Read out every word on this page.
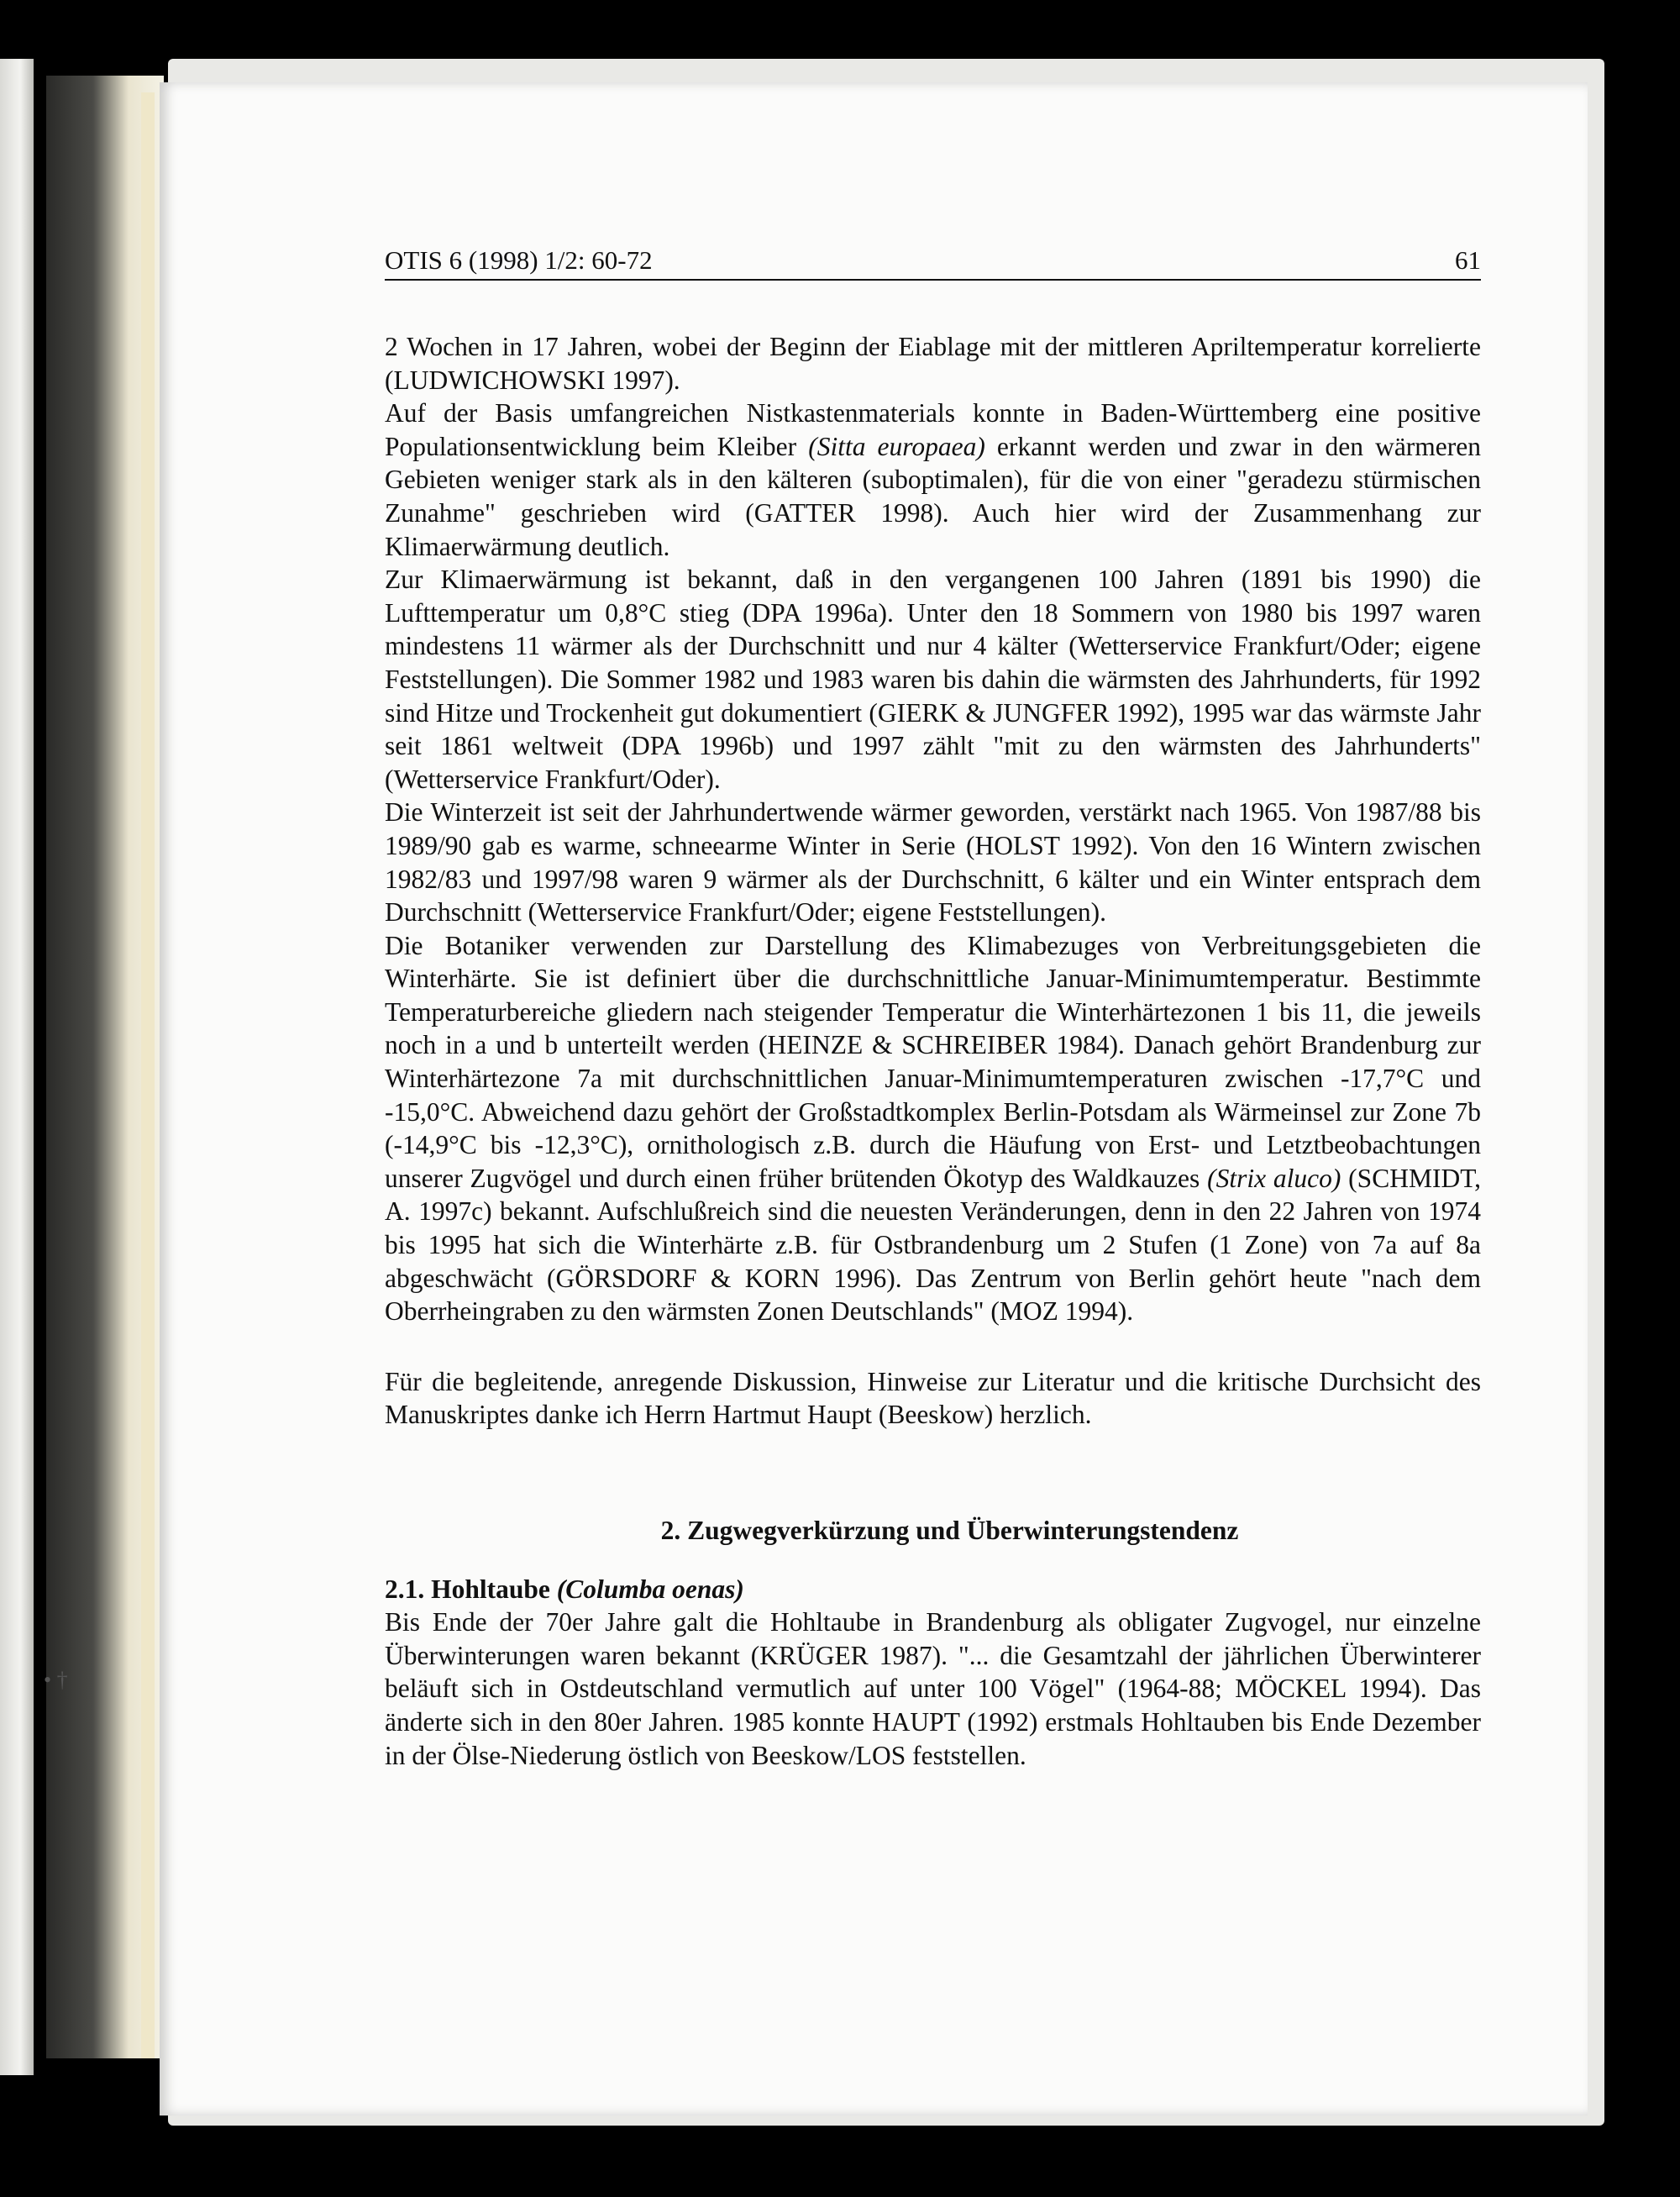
• †
OTIS 6 (1998) 1/2: 60-72	61

2 Wochen in 17 Jahren, wobei der Beginn der Eiablage mit der mittleren Apriltemperatur korrelierte (LUDWICHOWSKI 1997).

Auf der Basis umfangreichen Nistkastenmaterials konnte in Baden-Württemberg eine positive Populationsentwicklung beim Kleiber (Sitta europaea) erkannt werden und zwar in den wärmeren Gebieten weniger stark als in den kälteren (suboptimalen), für die von einer "geradezu stürmischen Zunahme" geschrieben wird (GATTER 1998). Auch hier wird der Zusammenhang zur Klimaerwärmung deutlich.

Zur Klimaerwärmung ist bekannt, daß in den vergangenen 100 Jahren (1891 bis 1990) die Lufttemperatur um 0,8°C stieg (DPA 1996a). Unter den 18 Sommern von 1980 bis 1997 waren mindestens 11 wärmer als der Durchschnitt und nur 4 kälter (Wetterservice Frankfurt/Oder; eigene Feststellungen). Die Sommer 1982 und 1983 waren bis dahin die wärmsten des Jahrhunderts, für 1992 sind Hitze und Trockenheit gut dokumentiert (GIERK & JUNGFER 1992), 1995 war das wärmste Jahr seit 1861 weltweit (DPA 1996b) und 1997 zählt "mit zu den wärmsten des Jahrhunderts" (Wetterservice Frankfurt/Oder).

Die Winterzeit ist seit der Jahrhundertwende wärmer geworden, verstärkt nach 1965. Von 1987/88 bis 1989/90 gab es warme, schneearme Winter in Serie (HOLST 1992). Von den 16 Wintern zwischen 1982/83 und 1997/98 waren 9 wärmer als der Durchschnitt, 6 kälter und ein Winter entsprach dem Durchschnitt (Wetterservice Frankfurt/Oder; eigene Feststellungen).

Die Botaniker verwenden zur Darstellung des Klimabezuges von Verbreitungsgebieten die Winterhärte. Sie ist definiert über die durchschnittliche Januar-Minimumtemperatur. Bestimmte Temperaturbereiche gliedern nach steigender Temperatur die Winterhärtezonen 1 bis 11, die jeweils noch in a und b unterteilt werden (HEINZE & SCHREIBER 1984). Danach gehört Brandenburg zur Winterhärtezone 7a mit durchschnittlichen Januar-Minimumtemperaturen zwischen -17,7°C und -15,0°C. Abweichend dazu gehört der Großstadtkomplex Berlin-Potsdam als Wärmeinsel zur Zone 7b (-14,9°C bis -12,3°C), ornithologisch z.B. durch die Häufung von Erst- und Letztbeobachtungen unserer Zugvögel und durch einen früher brütenden Ökotyp des Waldkauzes (Strix aluco) (SCHMIDT, A. 1997c) bekannt. Aufschlußreich sind die neuesten Veränderungen, denn in den 22 Jahren von 1974 bis 1995 hat sich die Winterhärte z.B. für Ostbrandenburg um 2 Stufen (1 Zone) von 7a auf 8a abgeschwächt (GÖRSDORF & KORN 1996). Das Zentrum von Berlin gehört heute "nach dem Oberrheingraben zu den wärmsten Zonen Deutschlands" (MOZ 1994).

Für die begleitende, anregende Diskussion, Hinweise zur Literatur und die kritische Durchsicht des Manuskriptes danke ich Herrn Hartmut Haupt (Beeskow) herzlich.

2. Zugwegverkürzung und Überwinterungstendenz

2.1. Hohltaube (Columba oenas)

Bis Ende der 70er Jahre galt die Hohltaube in Brandenburg als obligater Zugvogel, nur einzelne Überwinterungen waren bekannt (KRÜGER 1987). "... die Gesamtzahl der jährlichen Überwinterer beläuft sich in Ostdeutschland vermutlich auf unter 100 Vögel" (1964-88; MÖCKEL 1994). Das änderte sich in den 80er Jahren. 1985 konnte HAUPT (1992) erstmals Hohltauben bis Ende Dezember in der Ölse-Niederung östlich von Beeskow/LOS feststellen.
